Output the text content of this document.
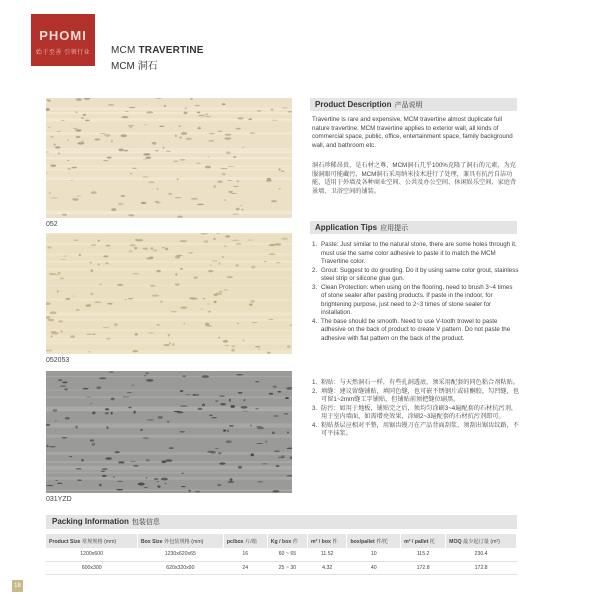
PHOMI
始于至善 引领行业 MCM TRAVERTINE
MCM 洞石
052
052053
031YZD
Product Description 产品说明
Travertine is rare and expensive, MCM travertine almost duplicate full nature travertine. MCM travertine applies to exterior wall, all kinds of commercial space, public, office, entertainment space, family background wall, and bathroom etc.
洞石珍稀昂贵，是石材之尊，MCM洞石几乎100%克隆了洞石的元素，为克服洞眼可能藏污，MCM洞石采用纳米技术进行了处理，兼具有抗污自洁功能，适用于外墙及各种商业空间、公共及办公空间、休闲娱乐空间、家庭背景墙、卫浴空间的铺装。
Application Tips 应用提示
1. Paste: Just similar to the natural stone, there are some holes through it, must use the same color adhesive to paste it to match the MCM Travertine color.
2. Grout: Suggest to do grouting. Do it by using same color grout, stainless steel strip or silicone glue gun.
3. Clean Protection: when using on the flooring, need to brush 3~4 times of stone sealer after pasting products. If paste in the indoor, for brightening purpose, just need to 2~3 times of stone sealer for installation.
4. The base should be smooth. Need to use V-tooth trowel to paste adhesive on the back of product to create V pattern. Do not paste the adhesive with flat pattern on the back of the product.
1. 粘贴：与天然洞石一样，有些孔洞透底，须采用配套的同色粘合剂粘贴。
2. 填缝：建议留缝铺贴，填同色缝，也可嵌不锈钢片或硅酮胶，勾凹缝，也可留1~2mm缝工字铺贴，但铺贴前须把缝位刷黑。
3. 防污：如用于地板，铺贴完之后，须均匀涂刷3~4遍配套的石材抗污剂，用于室内墙面，如需增亮效果，涂刷2~3遍配套的石材抗污剂即可。
4. 粘贴基层应相对平整，用锯齿镘刀在产品背面刮浆，须刮出锯齿纹路，不可平抹浆。
Packing Information 包装信息
Product Size 常规规格 (mm)	Box Size 外包装规格 (mm)	pc/box 片/箱	Kg / box 件	m² / box 件	box/pallet 件/托	m² / pallet 托	MOQ 最少起订量 (m²)
1200x600	1230x620x65	16	60 ~ 65	11.52	10	115.2	230.4
600x300	620x320x90	24	25 ~ 30	4.32	40	172.8	172.8
18
